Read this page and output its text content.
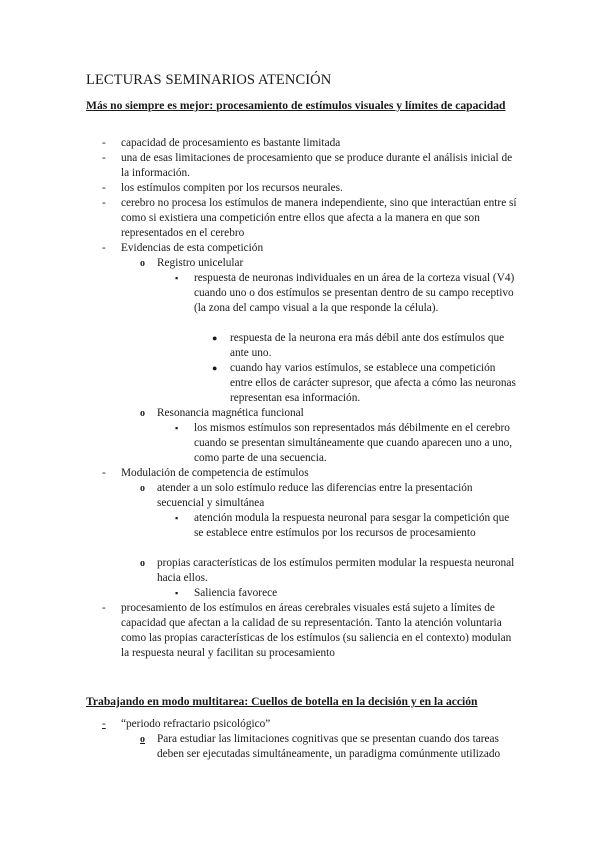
LECTURAS SEMINARIOS ATENCIÓN
Más no siempre es mejor: procesamiento de estímulos visuales y límites de capacidad
- capacidad de procesamiento es bastante limitada
- una de esas limitaciones de procesamiento que se produce durante el análisis inicial de la información.
- los estímulos compiten por los recursos neurales.
- cerebro no procesa los estímulos de manera independiente, sino que interactúan entre sí como si existiera una competición entre ellos que afecta a la manera en que son representados en el cerebro
- Evidencias de esta competición
o Registro unicelular
▪ respuesta de neuronas individuales en un área de la corteza visual (V4) cuando uno o dos estímulos se presentan dentro de su campo receptivo (la zona del campo visual a la que responde la célula).
● respuesta de la neurona era más débil ante dos estímulos que ante uno.
● cuando hay varios estímulos, se establece una competición entre ellos de carácter supresor, que afecta a cómo las neuronas representan esa información.
o Resonancia magnética funcional
▪ los mismos estímulos son representados más débilmente en el cerebro cuando se presentan simultáneamente que cuando aparecen uno a uno, como parte de una secuencia.
- Modulación de competencia de estímulos
o atender a un solo estímulo reduce las diferencias entre la presentación secuencial y simultánea
▪ atención modula la respuesta neuronal para sesgar la competición que se establece entre estímulos por los recursos de procesamiento
o propias características de los estímulos permiten modular la respuesta neuronal hacia ellos.
▪ Saliencia favorece
- procesamiento de los estímulos en áreas cerebrales visuales está sujeto a límites de capacidad que afectan a la calidad de su representación. Tanto la atención voluntaria como las propias características de los estímulos (su saliencia en el contexto) modulan la respuesta neural y facilitan su procesamiento
Trabajando en modo multitarea: Cuellos de botella en la decisión y en la acción
-	“periodo refractario psicológico”
o	Para estudiar las limitaciones cognitivas que se presentan cuando dos tareas deben ser ejecutadas simultáneamente, un paradigma comúnmente utilizado
